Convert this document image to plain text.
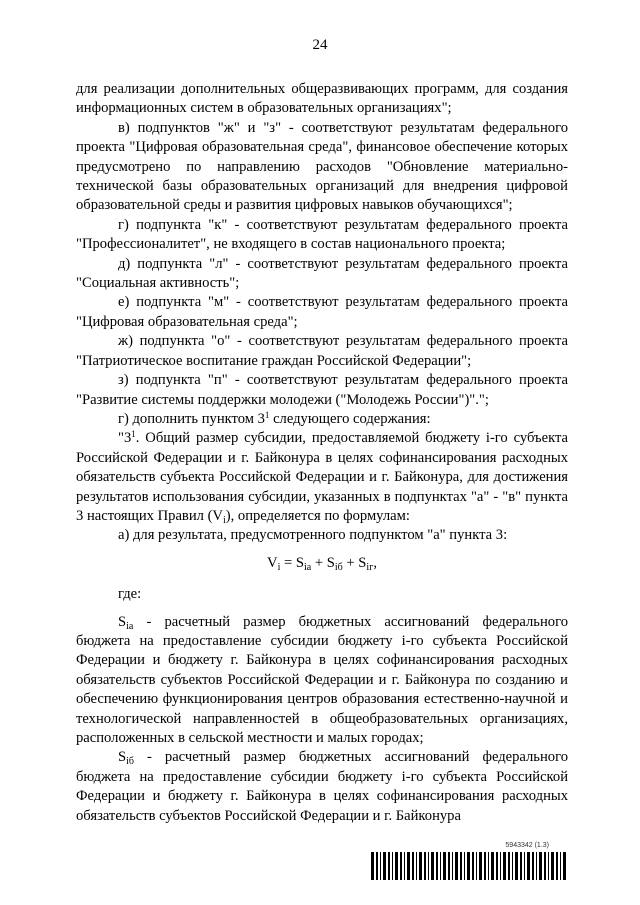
24

для реализации дополнительных общеразвивающих программ, для создания информационных систем в образовательных организациях";

в) подпунктов "ж" и "з" - соответствуют результатам федерального проекта "Цифровая образовательная среда", финансовое обеспечение которых предусмотрено по направлению расходов "Обновление материально-технической базы образовательных организаций для внедрения цифровой образовательной среды и развития цифровых навыков обучающихся";

г) подпункта "к" - соответствуют результатам федерального проекта "Профессионалитет", не входящего в состав национального проекта;

д) подпункта "л" - соответствуют результатам федерального проекта "Социальная активность";

е) подпункта "м" - соответствуют результатам федерального проекта "Цифровая образовательная среда";

ж) подпункта "о" - соответствуют результатам федерального проекта "Патриотическое воспитание граждан Российской Федерации";

з) подпункта "п" - соответствуют результатам федерального проекта "Развитие системы поддержки молодежи ("Молодежь России")".";

г) дополнить пунктом $3^1$ следующего содержания:

"$3^1$. Общий размер субсидии, предоставляемой бюджету i-го субъекта Российской Федерации и г. Байконура в целях софинансирования расходных обязательств субъекта Российской Федерации и г. Байконура, для достижения результатов использования субсидии, указанных в подпунктах "а" - "в" пункта 3 настоящих Правил $(V_i)$, определяется по формулам:

а) для результата, предусмотренного подпунктом "а" пункта 3:

$V_i = S_{iа} + S_{iб} + S_{iг}$,

где:

$S_{iа}$ - расчетный размер бюджетных ассигнований федерального бюджета на предоставление субсидии бюджету i-го субъекта Российской Федерации и бюджету г. Байконура в целях софинансирования расходных обязательств субъектов Российской Федерации и г. Байконура по созданию и обеспечению функционирования центров образования естественно-научной и технологической направленностей в общеобразовательных организациях, расположенных в сельской местности и малых городах;

$S_{iб}$ - расчетный размер бюджетных ассигнований федерального бюджета на предоставление субсидии бюджету i-го субъекта Российской Федерации и бюджету г. Байконура в целях софинансирования расходных обязательств субъектов Российской Федерации и г. Байконура

5943342 (1.3)
